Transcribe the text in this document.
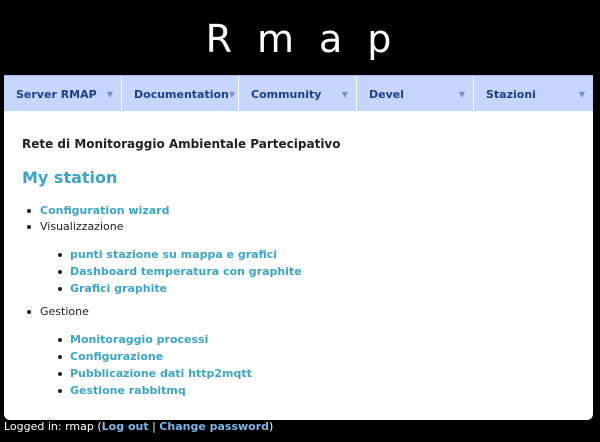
Rmap
Server RMAP ▼ Documentation ▼ Community	▼ Devel	▼ Stazioni	▼
Rete di Monitoraggio Ambientale Partecipativo
My station
Configuration wizard
Visualizzazione
punti stazione su mappa e grafici
Dashboard temperatura con graphite
Grafici graphite
Gestione
Monitoraggio processi
Configurazione
Pubblicazione dati http2mqtt
Gestione rabbitmq
Logged in: rmap (Log out | Change password)
